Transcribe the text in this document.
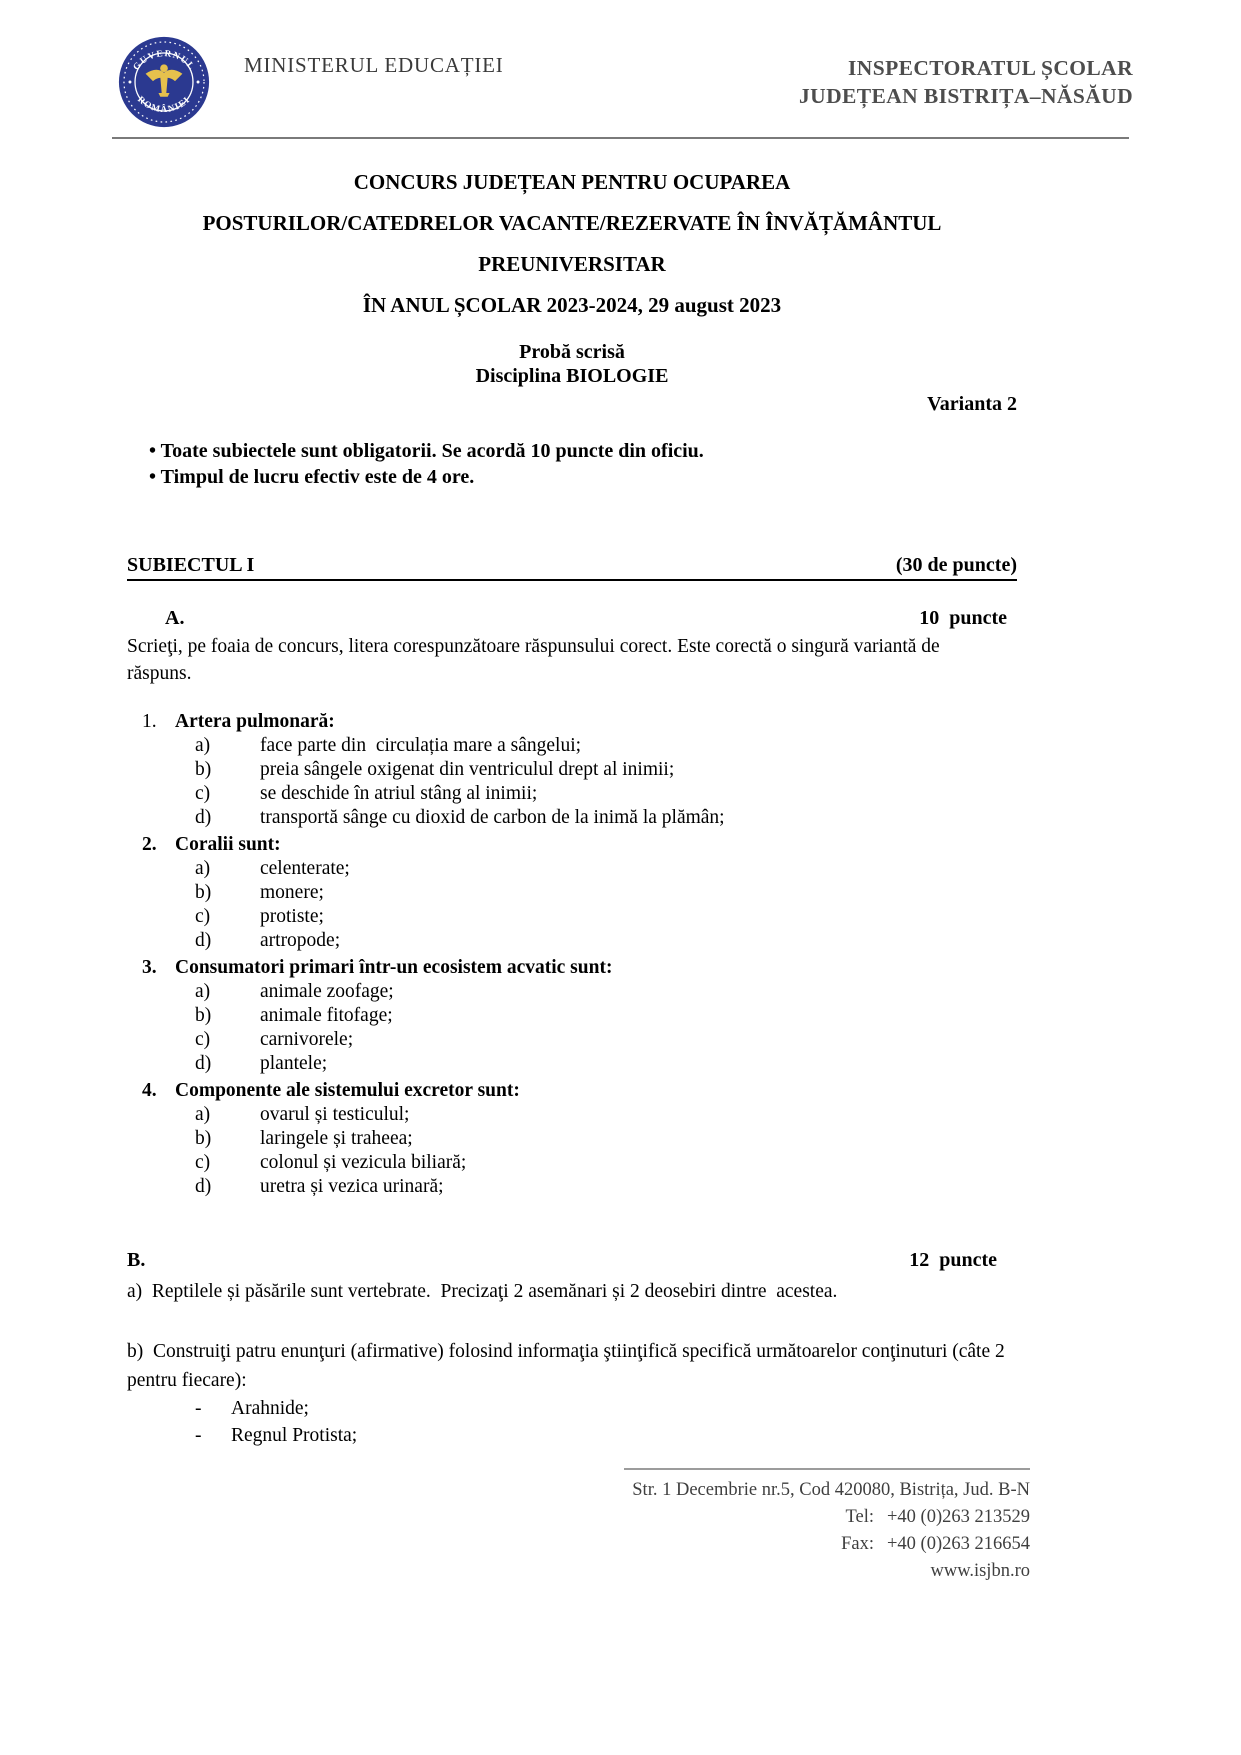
GUVERNUL
ROMÂNIEI
MINISTERUL EDUCAȚIEI	INSPECTORATUL ȘCOLAR
JUDEȚEAN BISTRIȚA–NĂSĂUD
CONCURS JUDEȚEAN PENTRU OCUPAREA
POSTURILOR/CATEDRELOR VACANTE/REZERVATE ÎN ÎNVĂȚĂMÂNTUL
PREUNIVERSITAR
ÎN ANUL ȘCOLAR 2023-2024, 29 august 2023
Probă scrisă
Disciplina BIOLOGIE
Varianta 2
• Toate subiectele sunt obligatorii. Se acordă 10 puncte din oficiu.
• Timpul de lucru efectiv este de 4 ore.
SUBIECTUL I	(30 de puncte)
A.	10  puncte

Scrieţi, pe foaia de concurs, litera corespunzătoare răspunsului corect. Este corectă o singură variantă de răspuns.

1. Artera pulmonară:
a)	face parte din  circulația mare a sângelui;
b)	preia sângele oxigenat din ventriculul drept al inimii;
c)	se deschide în atriul stâng al inimii;
d)	transportă sânge cu dioxid de carbon de la inimă la plămân;
2. Coralii sunt:
a)	celenterate;
b)	monere;
c)	protiste;
d)	artropode;
3. Consumatori primari într-un ecosistem acvatic sunt:
a)	animale zoofage;
b)	animale fitofage;
c)	carnivorele;
d)	plantele;
4. Componente ale sistemului excretor sunt:
a)	ovarul și testiculul;
b)	laringele și traheea;
c)	colonul și vezicula biliară;
d)	uretra și vezica urinară;
B.	12  puncte

a)  Reptilele și păsările sunt vertebrate.  Precizaţi 2 asemănari și 2 deosebiri dintre  acestea.

b)  Construiţi patru enunţuri (afirmative) folosind informaţia ştiinţifică specifică următoarelor conţinuturi (câte 2 pentru fiecare):

-	Arahnide;
-	Regnul Protista;
Str. 1 Decembrie nr.5, Cod 420080, Bistrița, Jud. B-N
Tel: +40 (0)263 213529
Fax: +40 (0)263 216654
www.isjbn.ro
